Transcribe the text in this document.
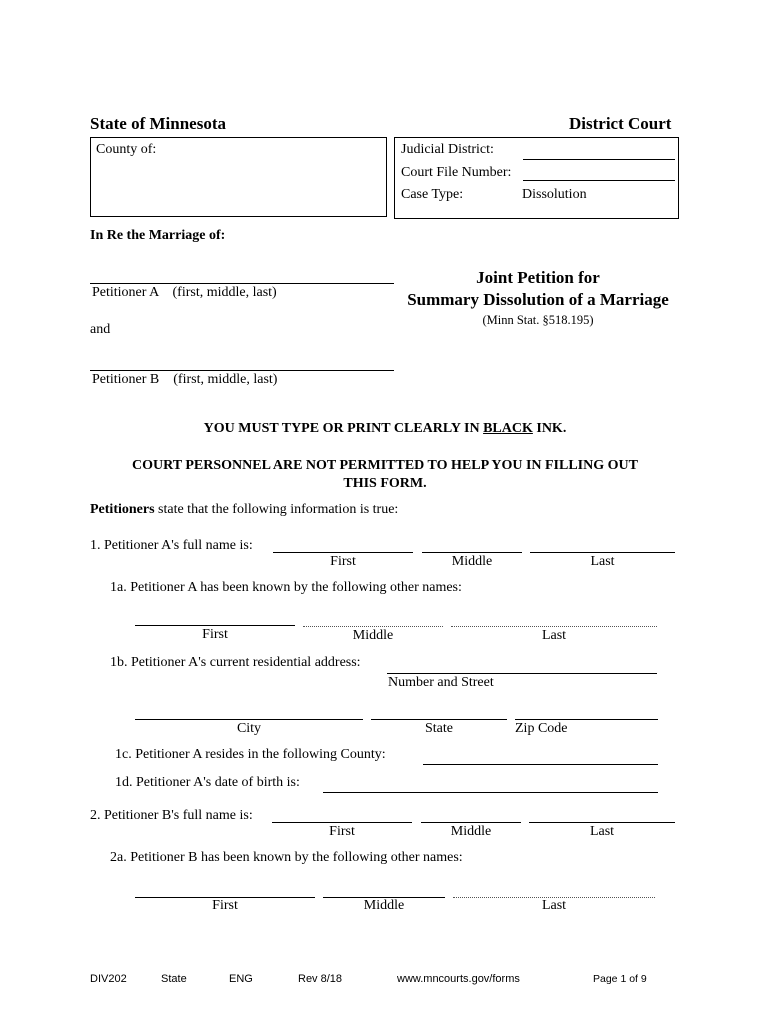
State of Minnesota	District Court
County of:	Judicial District:
Court File Number:
Case Type:	Dissolution
In Re the Marriage of:
Petitioner A    (first, middle, last)
and
Petitioner B    (first, middle, last)
Joint Petition for
Summary Dissolution of a Marriage
(Minn Stat. §518.195)
YOU MUST TYPE OR PRINT CLEARLY IN BLACK INK.
COURT PERSONNEL ARE NOT PERMITTED TO HELP YOU IN FILLING OUT
THIS FORM.
Petitioners state that the following information is true:
1. Petitioner A's full name is:
First	Middle	Last
1a. Petitioner A has been known by the following other names:
First	Middle	Last
1b. Petitioner A's current residential address:
Number and Street
City	State	Zip Code
1c. Petitioner A resides in the following County:
1d. Petitioner A's date of birth is:
2. Petitioner B's full name is:
First	Middle	Last
2a. Petitioner B has been known by the following other names:
First	Middle	Last
DIV202	State	ENG	Rev 8/18	www.mncourts.gov/forms	Page 1 of 9
